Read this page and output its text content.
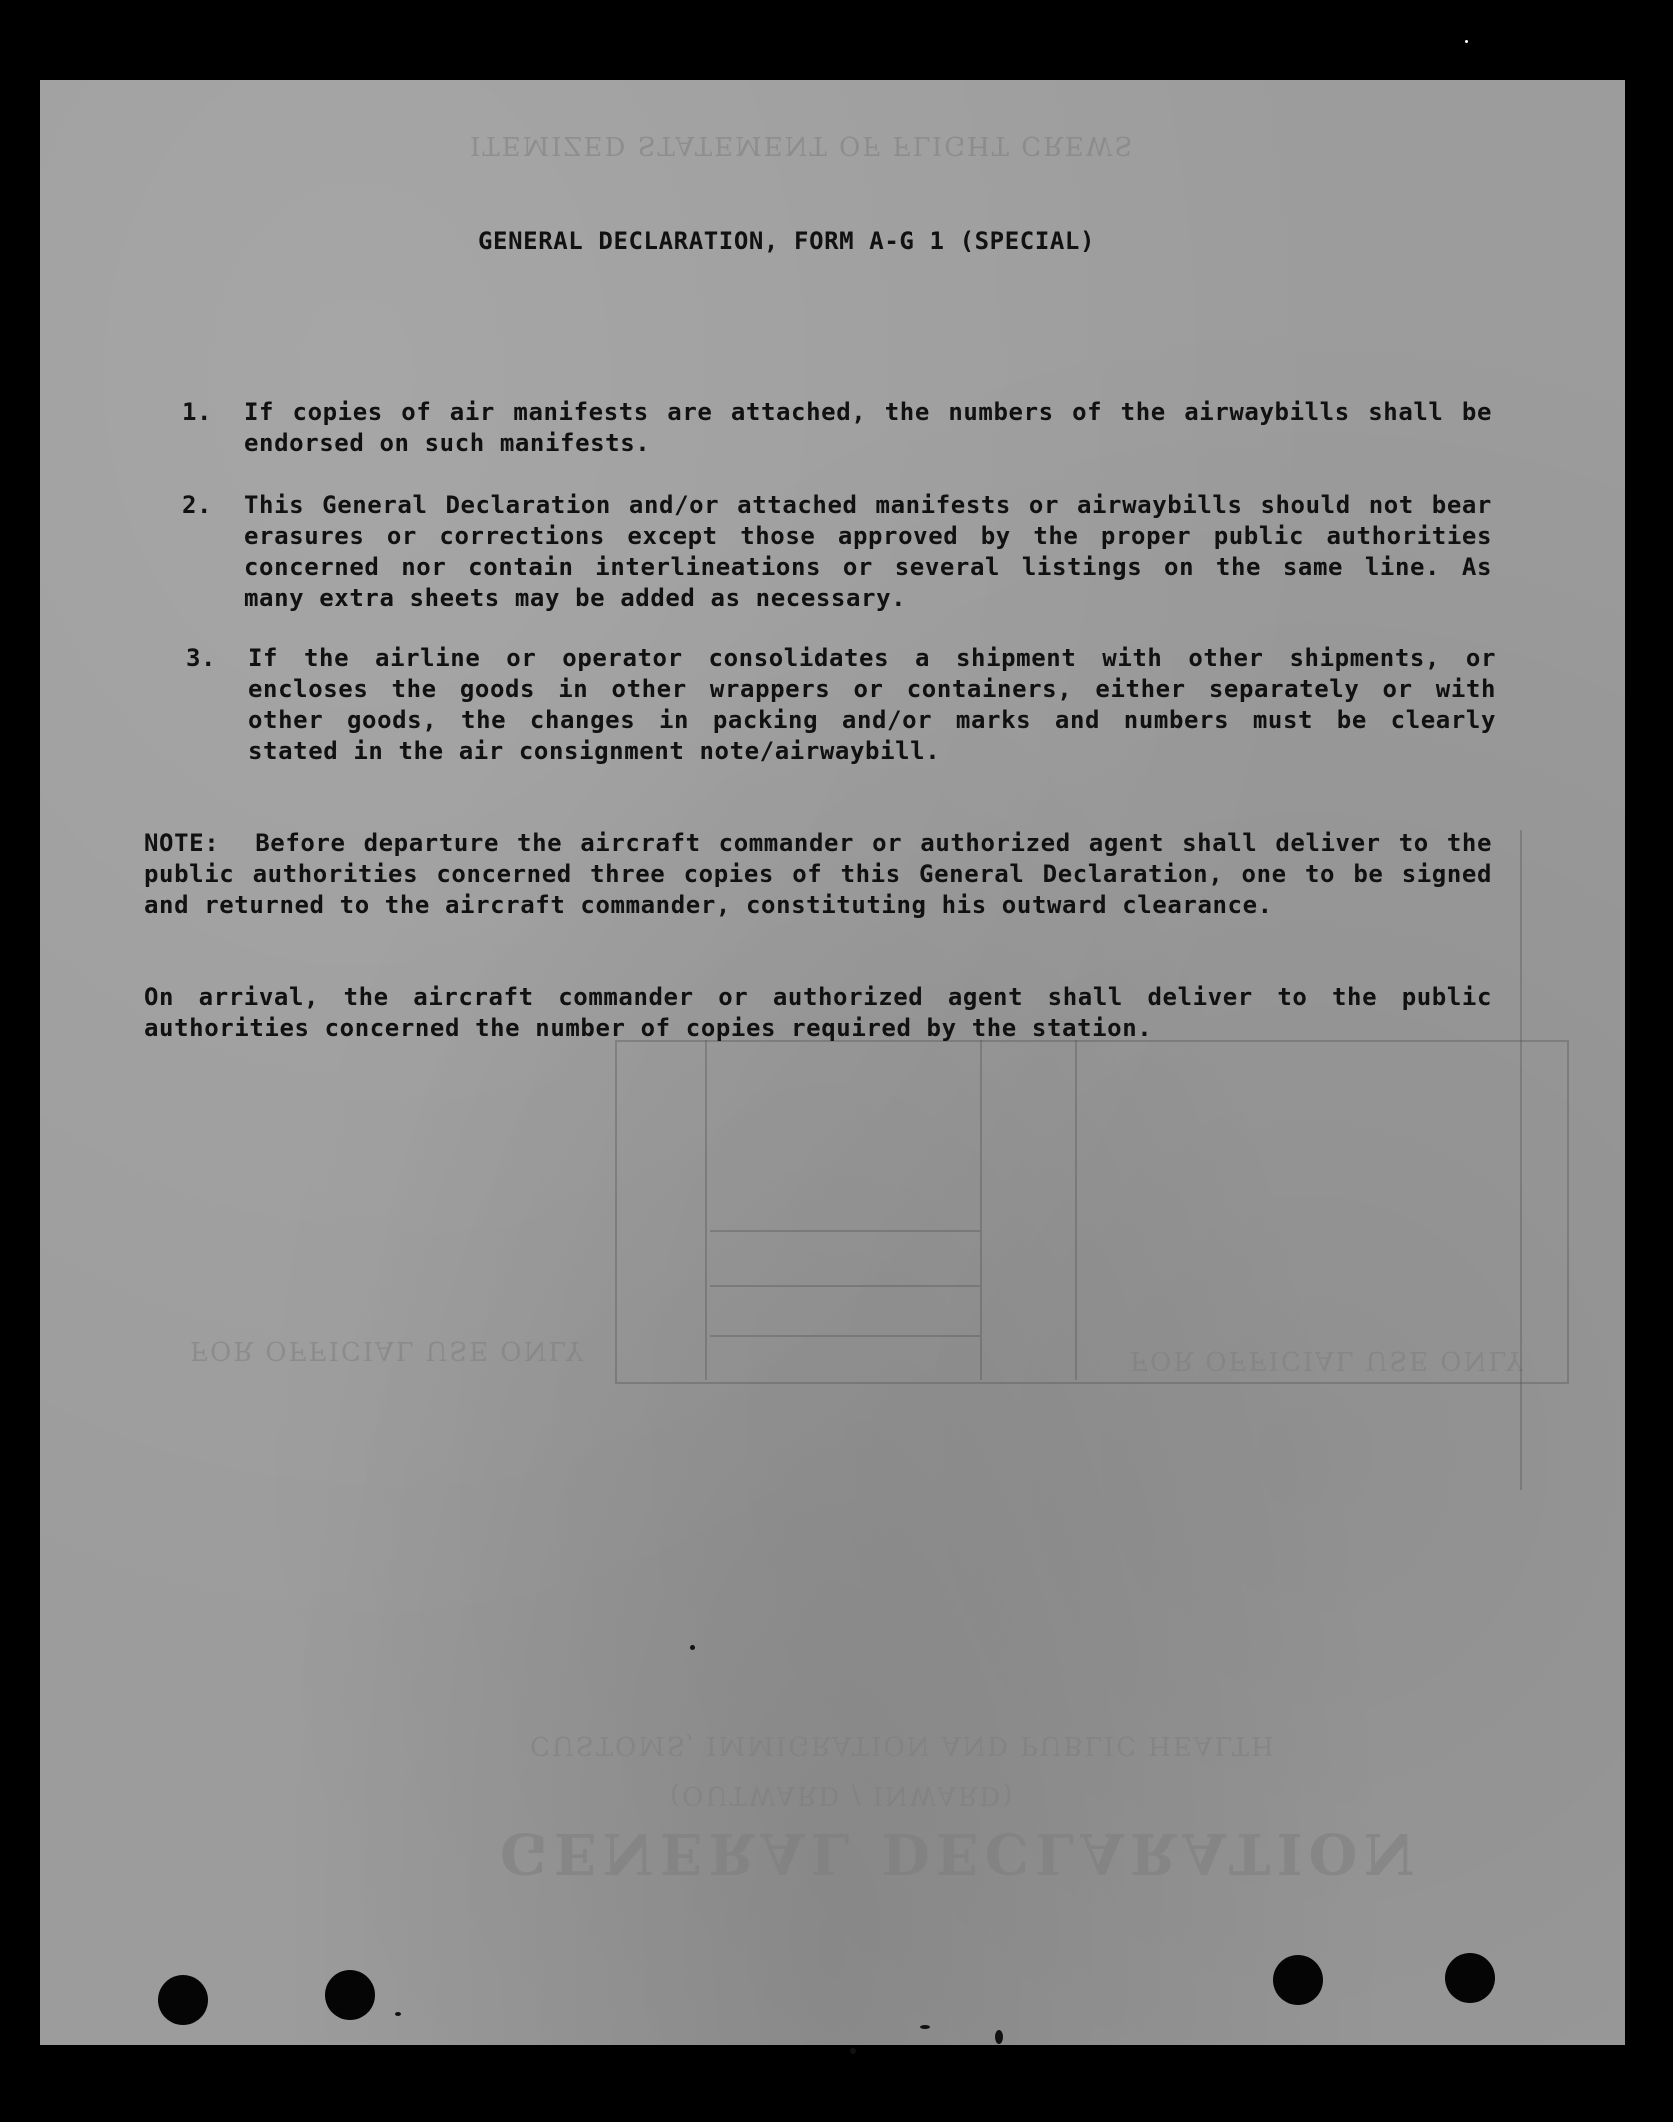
ITEMIZED STATEMENT OF FLIGHT CREWS
FOR OFFICIAL USE ONLY	FOR OFFICIAL USE ONLY
CUSTOMS, IMMIGRATION AND PUBLIC HEALTH
(OUTWARD / INWARD)
GENERAL DECLARATION
GENERAL DECLARATION, FORM A-G 1 (SPECIAL)
1.	If copies of air manifests are attached, the numbers of the airwaybills shall be endorsed on such manifests.
2.	This General Declaration and/or attached manifests or airwaybills should not bear erasures or corrections except those approved by the proper public authorities concerned nor contain interlineations or several listings on the same line. As many extra sheets may be added as necessary.
3.	If the airline or operator consolidates a shipment with other shipments, or encloses the goods in other wrappers or containers, either separately or with other goods, the changes in packing and/or marks and numbers must be clearly stated in the air consignment note/airwaybill.
NOTE: Before departure the aircraft commander or authorized agent shall deliver to the public authorities concerned three copies of this General Declaration, one to be signed and returned to the aircraft commander, constituting his outward clearance.
On arrival, the aircraft commander or authorized agent shall deliver to the public authorities concerned the number of copies required by the station.
